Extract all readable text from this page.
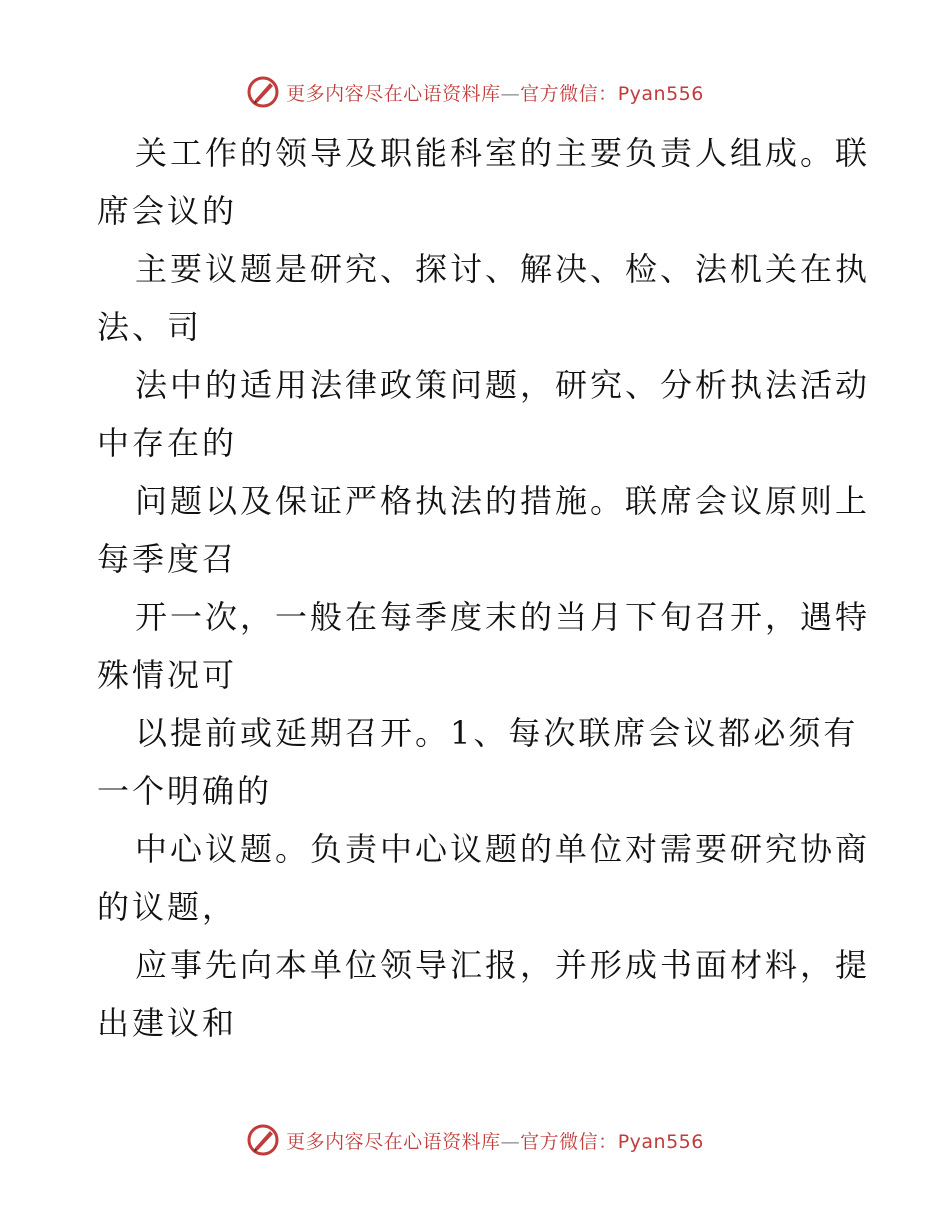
更多内容尽在心语资料库—官方微信：Pyan556
关工作的领导及职能科室的主要负责人组成。联
席会议的
主要议题是研究、探讨、解决、检、法机关在执
法、司
法中的适用法律政策问题，研究、分析执法活动
中存在的
问题以及保证严格执法的措施。联席会议原则上
每季度召
开一次，一般在每季度末的当月下旬召开，遇特
殊情况可
以提前或延期召开。1、每次联席会议都必须有
一个明确的
中心议题。负责中心议题的单位对需要研究协商
的议题，
应事先向本单位领导汇报，并形成书面材料，提
出建议和
更多内容尽在心语资料库—官方微信：Pyan556
